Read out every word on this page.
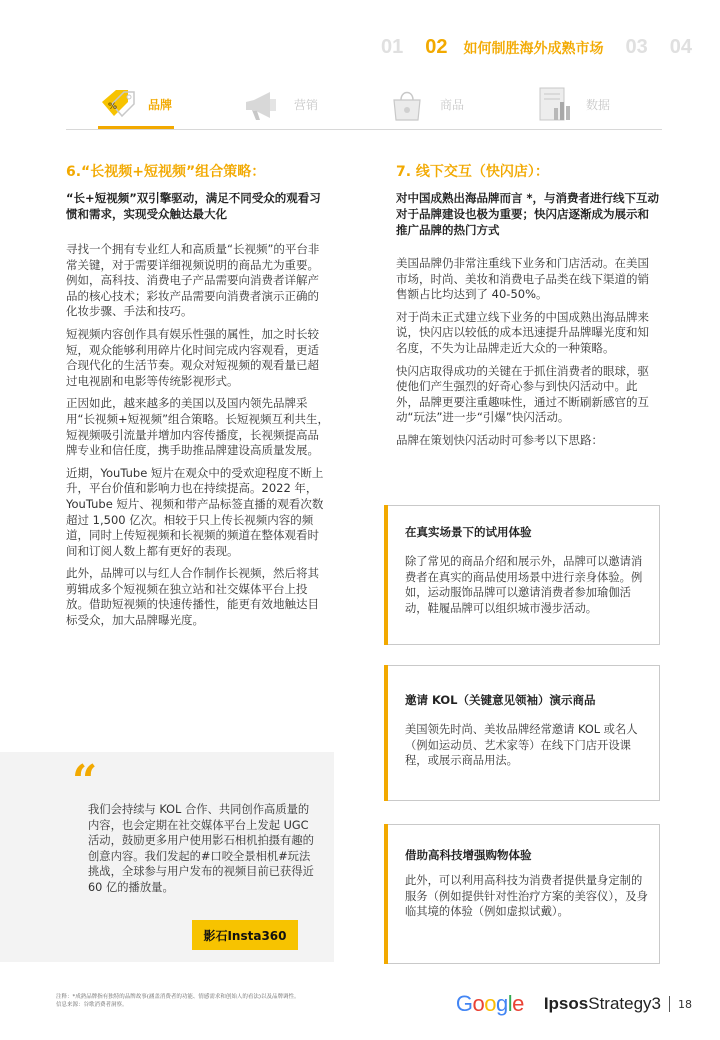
01 02 如何制胜海外成熟市场 03 04
%	品牌	营销	商品	数据
6.“长视频+短视频”组合策略：
“长+短视频”双引擎驱动，满足不同受众的观看习惯和需求，实现受众触达最大化

寻找一个拥有专业红人和高质量“长视频”的平台非常关键，对于需要详细视频说明的商品尤为重要。例如，高科技、消费电子产品需要向消费者详解产品的核心技术；彩妆产品需要向消费者演示正确的化妆步骤、手法和技巧。

短视频内容创作具有娱乐性强的属性，加之时长较短，观众能够利用碎片化时间完成内容观看，更适合现代化的生活节奏。观众对短视频的观看量已超过电视剧和电影等传统影视形式。

正因如此，越来越多的美国以及国内领先品牌采用“长视频+短视频”组合策略。长短视频互利共生，短视频吸引流量并增加内容传播度，长视频提高品牌专业和信任度，携手助推品牌建设高质量发展。

近期，YouTube 短片在观众中的受欢迎程度不断上升，平台价值和影响力也在持续提高。2022 年，YouTube 短片、视频和带产品标签直播的观看次数超过 1,500 亿次。相较于只上传长视频内容的频道，同时上传短视频和长视频的频道在整体观看时间和订阅人数上都有更好的表现。

此外，品牌可以与红人合作制作长视频，然后将其剪辑成多个短视频在独立站和社交媒体平台上投放。借助短视频的快速传播性，能更有效地触达目标受众，加大品牌曝光度。

“
我们会持续与 KOL 合作、共同创作高质量的内容，也会定期在社交媒体平台上发起 UGC 活动，鼓励更多用户使用影石相机拍摄有趣的创意内容。我们发起的#口咬全景相机#玩法挑战，全球参与用户发布的视频目前已获得近 60 亿的播放量。
影石Insta360
7. 线下交互（快闪店）：
对中国成熟出海品牌而言 *，与消费者进行线下互动对于品牌建设也极为重要；快闪店逐渐成为展示和推广品牌的热门方式

美国品牌仍非常注重线下业务和门店活动。在美国市场，时尚、美妆和消费电子品类在线下渠道的销售额占比均达到了 40-50%。

对于尚未正式建立线下业务的中国成熟出海品牌来说，快闪店以较低的成本迅速提升品牌曝光度和知名度，不失为让品牌走近大众的一种策略。

快闪店取得成功的关键在于抓住消费者的眼球，驱使他们产生强烈的好奇心参与到快闪活动中。此外，品牌更要注重趣味性，通过不断刷新感官的互动“玩法”进一步“引爆”快闪活动。

品牌在策划快闪活动时可参考以下思路：

在真实场景下的试用体验
除了常见的商品介绍和展示外，品牌可以邀请消费者在真实的商品使用场景中进行亲身体验。例如，运动服饰品牌可以邀请消费者参加瑜伽活动，鞋履品牌可以组织城市漫步活动。
邀请 KOL（关键意见领袖）演示商品
美国领先时尚、美妆品牌经常邀请 KOL 或名人（例如运动员、艺术家等）在线下门店开设课程，或展示商品用法。
借助高科技增强购物体验
此外，可以利用高科技为消费者提供量身定制的服务（例如提供针对性治疗方案的美容仪），及身临其境的体验（例如虚拟试戴）。
注释：*成熟品牌指有独特的品牌故事(涵盖消费者的功能、情感需求和创始人的看法)以及品牌调性。
信息来源：谷歌消费者洞察。	Google IpsosStrategy3 18
